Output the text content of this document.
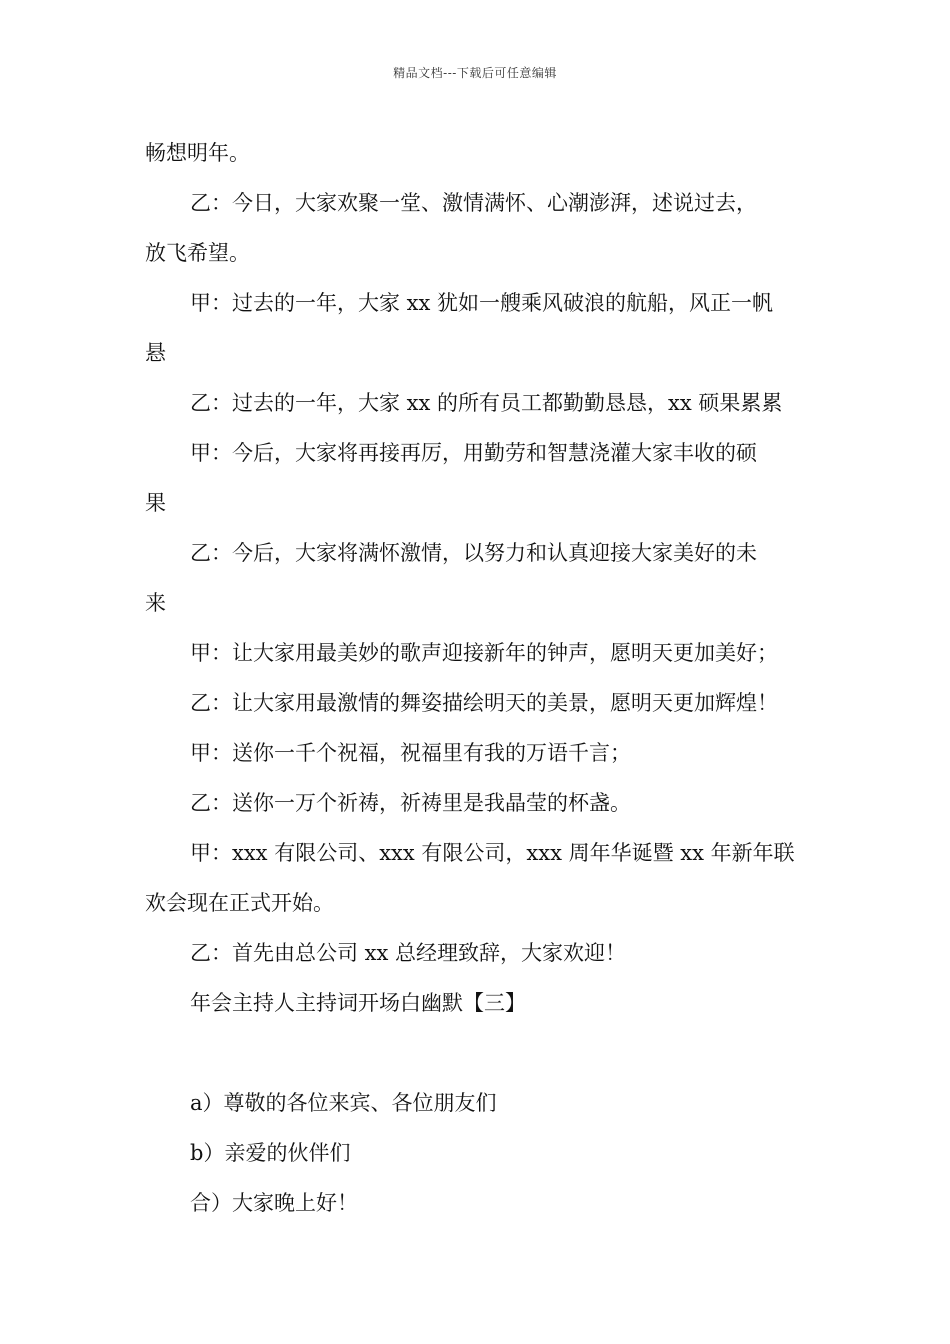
精品文档---下载后可任意编辑

畅想明年。

乙：今日，大家欢聚一堂、激情满怀、心潮澎湃，述说过去，

放飞希望。

甲：过去的一年，大家 xx 犹如一艘乘风破浪的航船，风正一帆

悬

乙：过去的一年，大家 xx 的所有员工都勤勤恳恳，xx 硕果累累

甲：今后，大家将再接再厉，用勤劳和智慧浇灌大家丰收的硕

果

乙：今后，大家将满怀激情，以努力和认真迎接大家美好的未

来

甲：让大家用最美妙的歌声迎接新年的钟声，愿明天更加美好；

乙：让大家用最激情的舞姿描绘明天的美景，愿明天更加辉煌！

甲：送你一千个祝福，祝福里有我的万语千言；

乙：送你一万个祈祷，祈祷里是我晶莹的杯盏。

甲：xxx 有限公司、xxx 有限公司，xxx 周年华诞暨 xx 年新年联

欢会现在正式开始。

乙：首先由总公司 xx 总经理致辞，大家欢迎！

年会主持人主持词开场白幽默【三】

a）尊敬的各位来宾、各位朋友们

b）亲爱的伙伴们

合）大家晚上好！
